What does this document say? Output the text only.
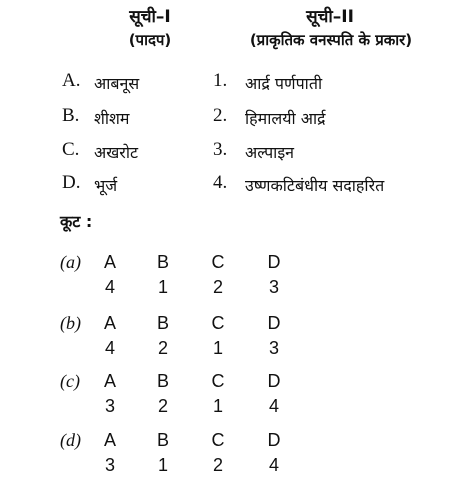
सूची–I
(पादप)
सूची–II
(प्राकृतिक वनस्पति के प्रकार)
A. आबनूस
B. शीशम
C. अखरोट
D. भूर्ज
1. आर्द्र पर्णपाती
2. हिमालयी आर्द्र
3. अल्पाइन
4. उष्णकटिबंधीय सदाहरित
कूट :
(a) A B C D
4 1 2	3
(b) A B C D
4 2 1	3
(c) A B C D
3 2 1	4
(d) A B C D
3 1 2	4
